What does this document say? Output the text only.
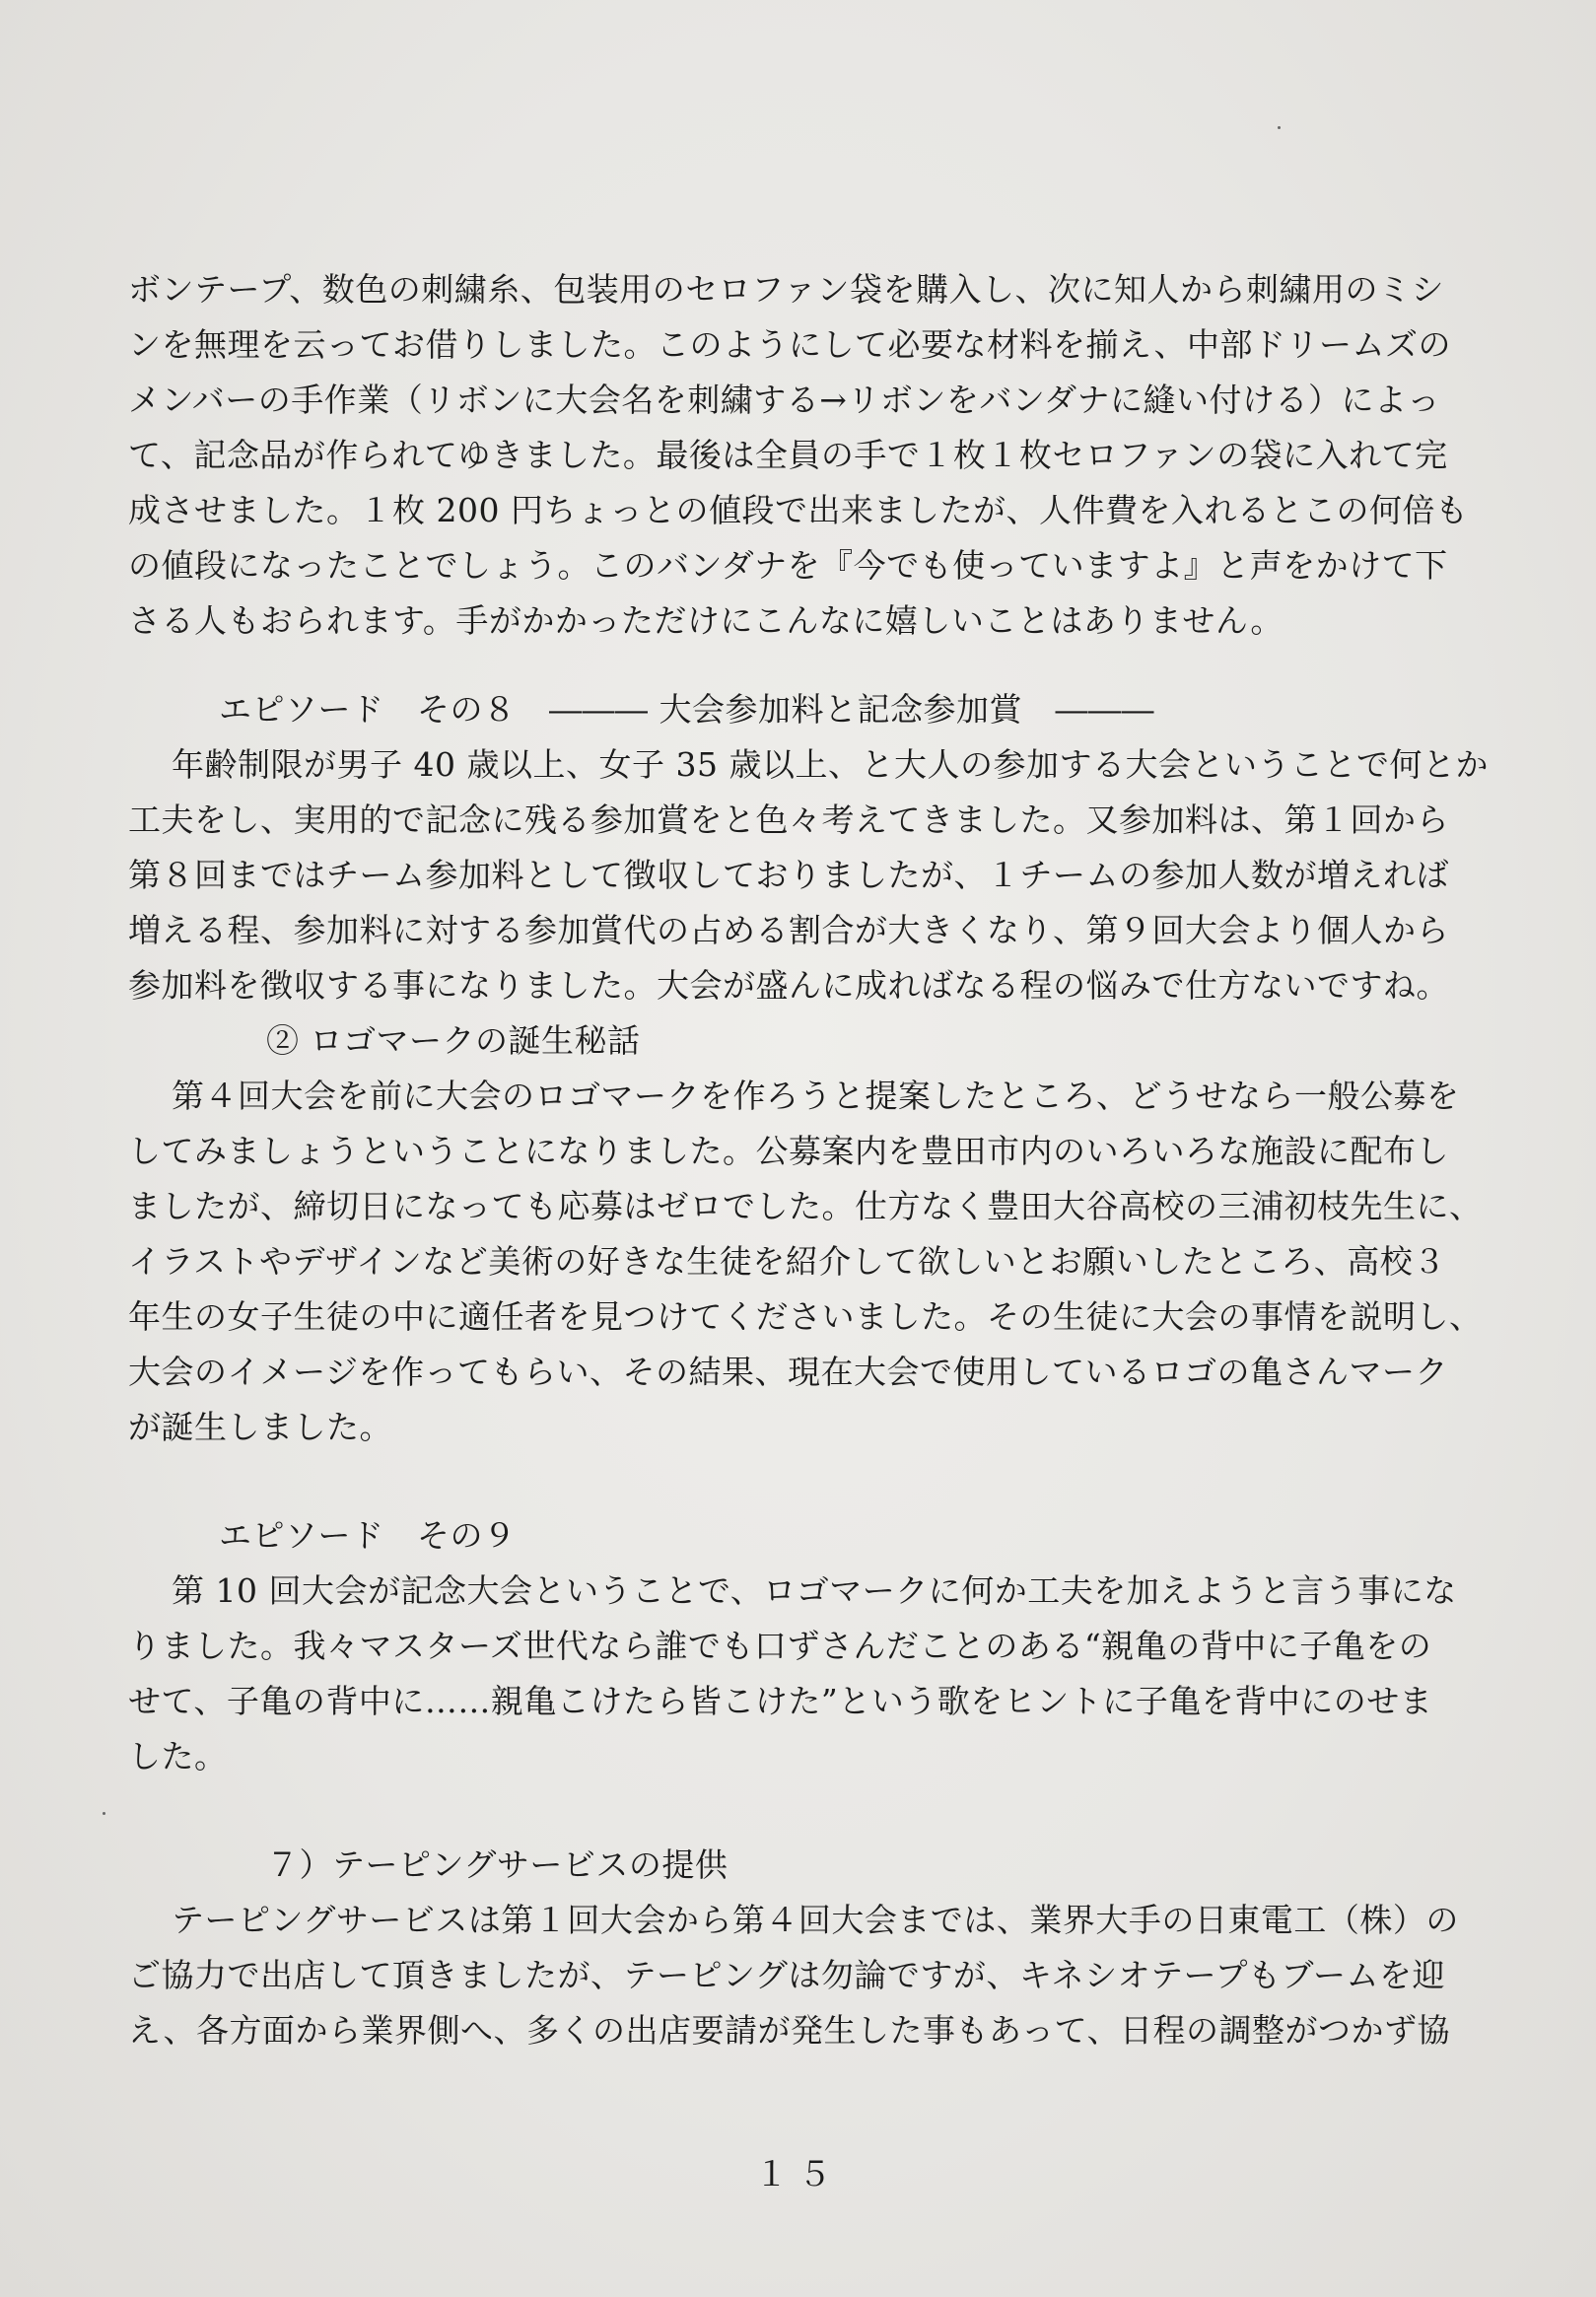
ボンテープ、数色の刺繍糸、包装用のセロファン袋を購入し、次に知人から刺繍用のミシ
ンを無理を云ってお借りしました。このようにして必要な材料を揃え、中部ドリームズの
メンバーの手作業（リボンに大会名を刺繍する→リボンをバンダナに縫い付ける）によっ
て、記念品が作られてゆきました。最後は全員の手で１枚１枚セロファンの袋に入れて完
成させました。１枚 200 円ちょっとの値段で出来ましたが、人件費を入れるとこの何倍も
の値段になったことでしょう。このバンダナを『今でも使っていますよ』と声をかけて下
さる人もおられます。手がかかっただけにこんなに嬉しいことはありません。
エピソード　その８　――― 大会参加料と記念参加賞　―――
年齢制限が男子 40 歳以上、女子 35 歳以上、と大人の参加する大会ということで何とか
工夫をし、実用的で記念に残る参加賞をと色々考えてきました。又参加料は、第１回から
第８回まではチーム参加料として徴収しておりましたが、１チームの参加人数が増えれば
増える程、参加料に対する参加賞代の占める割合が大きくなり、第９回大会より個人から
参加料を徴収する事になりました。大会が盛んに成ればなる程の悩みで仕方ないですね。
② ロゴマークの誕生秘話
第４回大会を前に大会のロゴマークを作ろうと提案したところ、どうせなら一般公募を
してみましょうということになりました。公募案内を豊田市内のいろいろな施設に配布し
ましたが、締切日になっても応募はゼロでした。仕方なく豊田大谷高校の三浦初枝先生に、
イラストやデザインなど美術の好きな生徒を紹介して欲しいとお願いしたところ、高校３
年生の女子生徒の中に適任者を見つけてくださいました。その生徒に大会の事情を説明し、
大会のイメージを作ってもらい、その結果、現在大会で使用しているロゴの亀さんマーク
が誕生しました。
エピソード　その９
第 10 回大会が記念大会ということで、ロゴマークに何か工夫を加えようと言う事にな
りました。我々マスターズ世代なら誰でも口ずさんだことのある“親亀の背中に子亀をの
せて、子亀の背中に……親亀こけたら皆こけた”という歌をヒントに子亀を背中にのせま
した。
７）テーピングサービスの提供
テーピングサービスは第１回大会から第４回大会までは、業界大手の日東電工（株）の
ご協力で出店して頂きましたが、テーピングは勿論ですが、キネシオテープもブームを迎
え、各方面から業界側へ、多くの出店要請が発生した事もあって、日程の調整がつかず協
１５
